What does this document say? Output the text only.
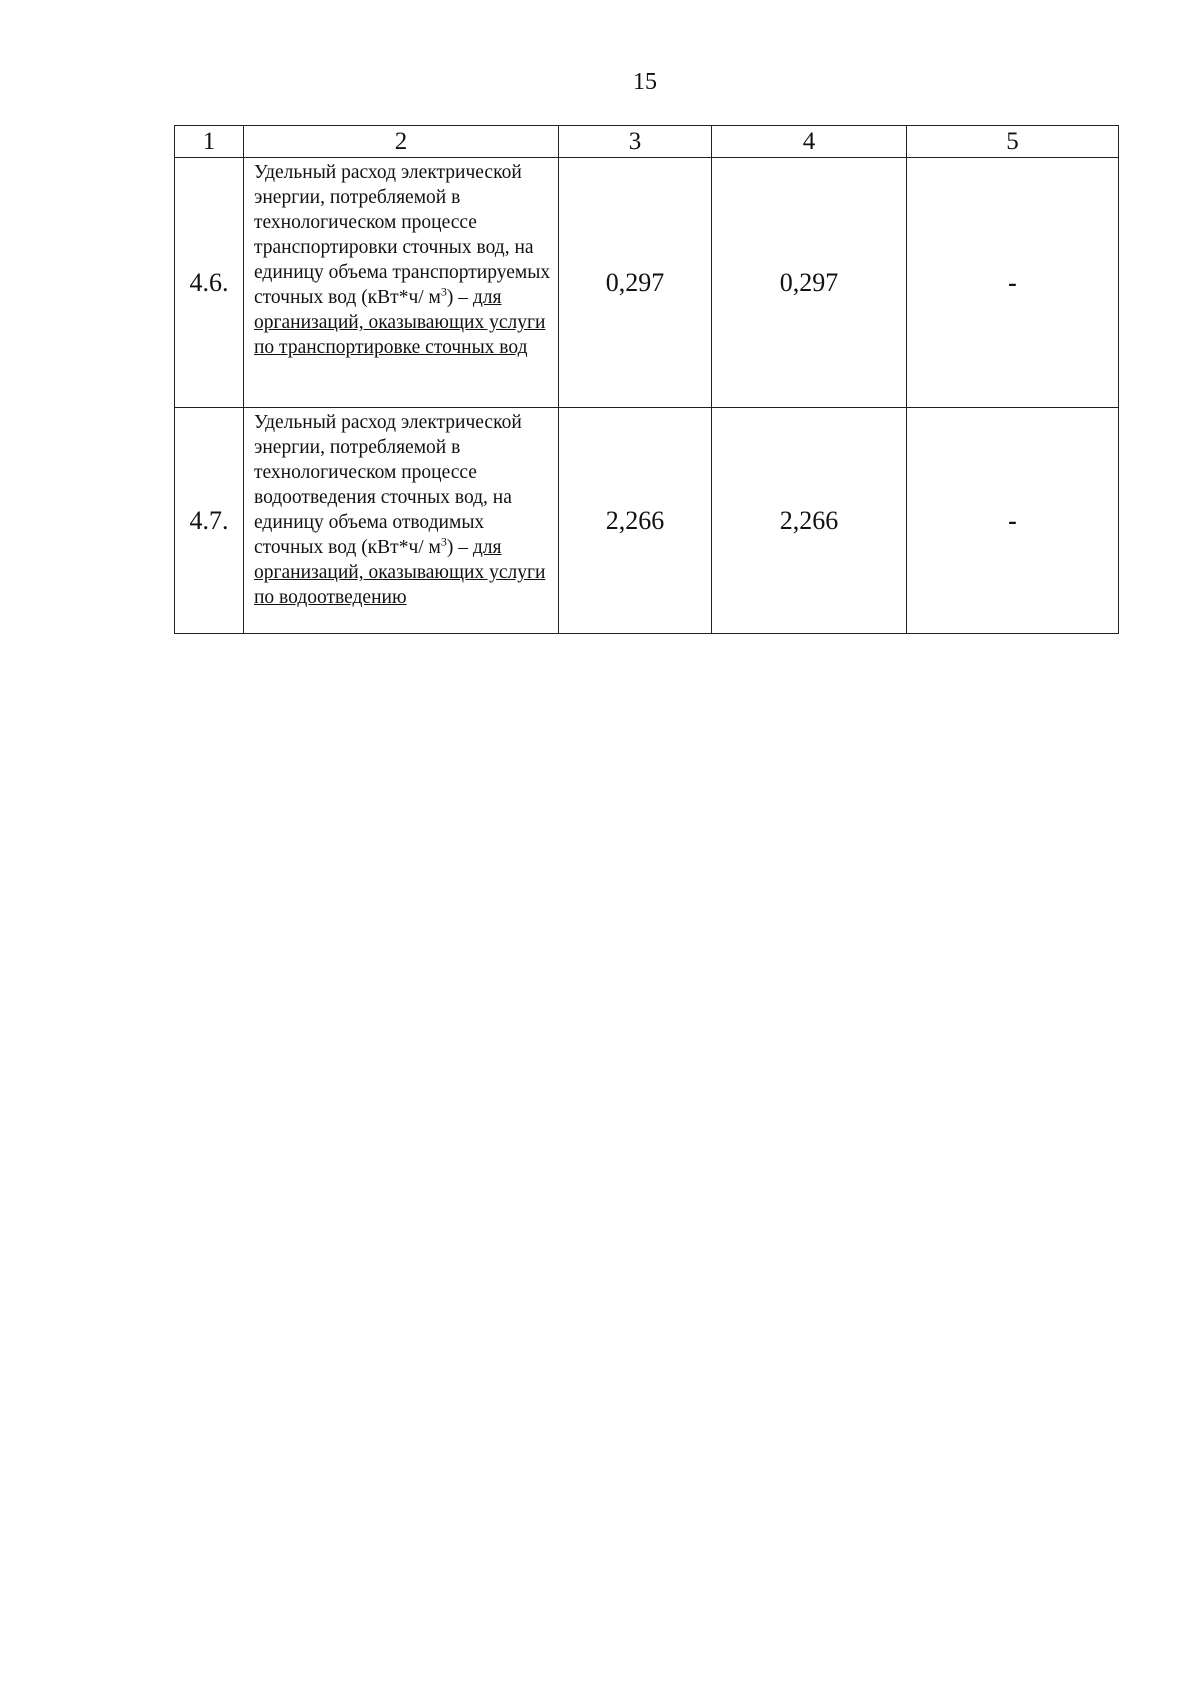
15
1	2	3	4	5
4.6.	Удельный расход электрической энергии, потребляемой в технологическом процессе транспортировки сточных вод, на единицу объема транспортируемых сточных вод (кВт*ч/ $м^3$) – для организаций, оказывающих услуги по транспортировке сточных вод	0,297	0,297	-
4.7.	Удельный расход электрической энергии, потребляемой в технологическом процессе водоотведения сточных вод, на единицу объема отводимых сточных вод (кВт*ч/ $м^3$) – для организаций, оказывающих услуги по водоотведению	2,266	2,266	-
